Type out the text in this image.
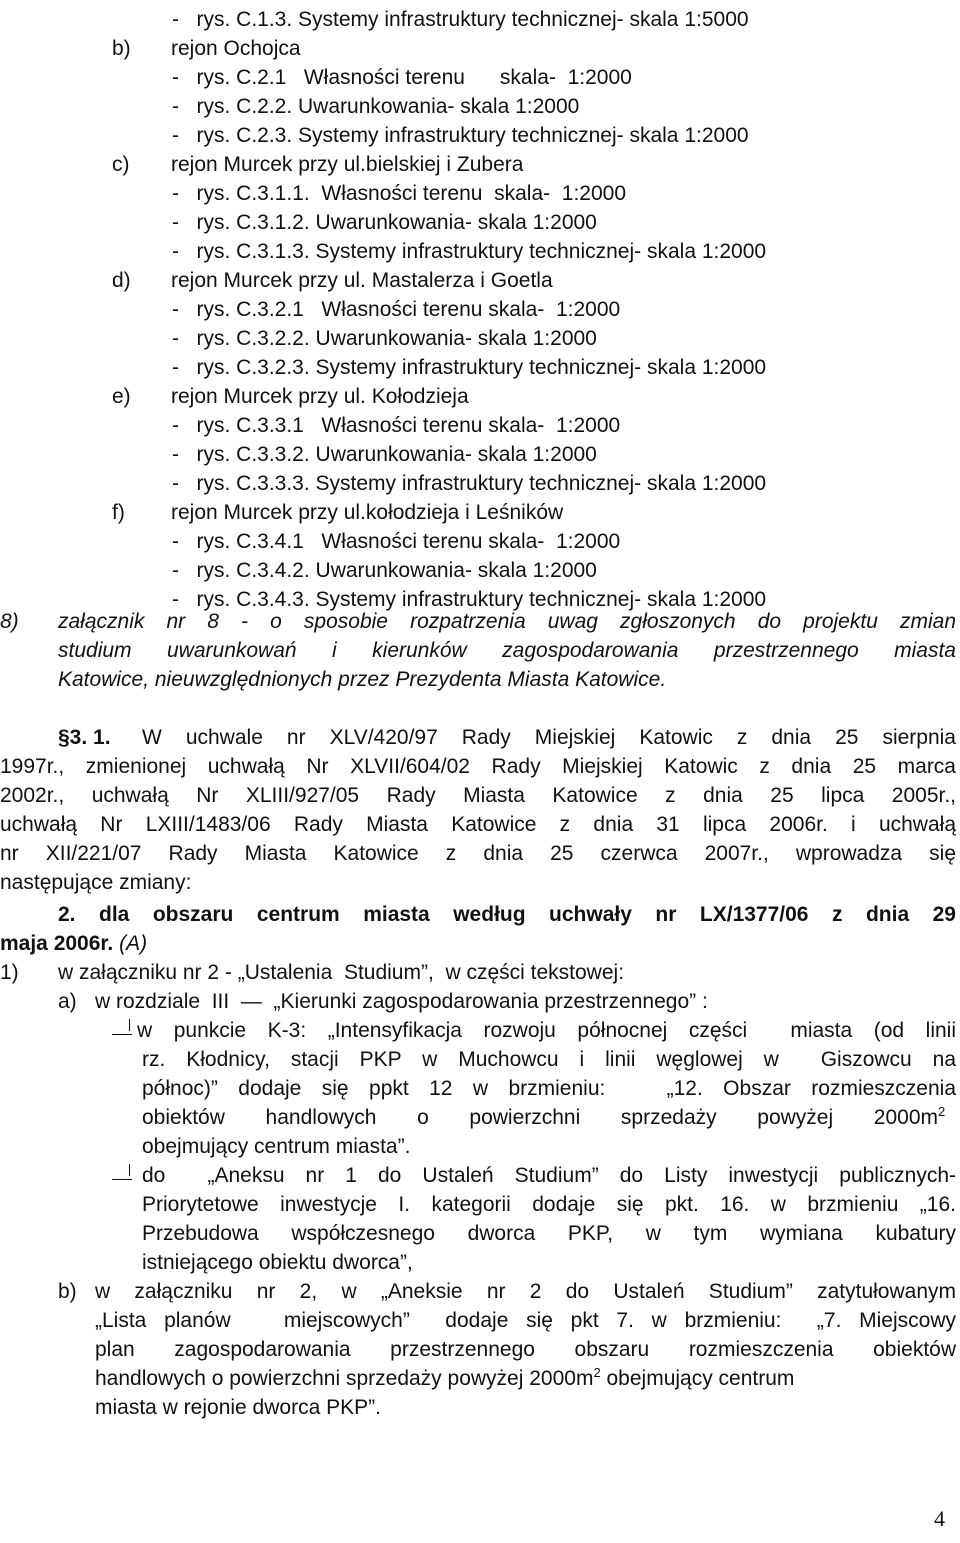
-   rys. C.1.3. Systemy infrastruktury technicznej- skala 1:5000
b) rejon Ochojca
-   rys. C.2.1   Własności terenu      skala-  1:2000
-   rys. C.2.2. Uwarunkowania- skala 1:2000
-   rys. C.2.3. Systemy infrastruktury technicznej- skala 1:2000
c) rejon Murcek przy ul.bielskiej i Zubera
-   rys. C.3.1.1.  Własności terenu  skala-  1:2000
-   rys. C.3.1.2. Uwarunkowania- skala 1:2000
-   rys. C.3.1.3. Systemy infrastruktury technicznej- skala 1:2000
d) rejon Murcek przy ul. Mastalerza i Goetla
-   rys. C.3.2.1   Własności terenu skala-  1:2000
-   rys. C.3.2.2. Uwarunkowania- skala 1:2000
-   rys. C.3.2.3. Systemy infrastruktury technicznej- skala 1:2000
e) rejon Murcek przy ul. Kołodzieja
-   rys. C.3.3.1   Własności terenu skala-  1:2000
-   rys. C.3.3.2. Uwarunkowania- skala 1:2000
-   rys. C.3.3.3. Systemy infrastruktury technicznej- skala 1:2000
f) rejon Murcek przy ul.kołodzieja i Leśników
-   rys. C.3.4.1   Własności terenu skala-  1:2000
-   rys. C.3.4.2. Uwarunkowania- skala 1:2000
-   rys. C.3.4.3. Systemy infrastruktury technicznej- skala 1:2000
8) załącznik nr 8 - o sposobie rozpatrzenia uwag zgłoszonych do projektu zmian
studium uwarunkowań i kierunków zagospodarowania przestrzennego miasta
Katowice, nieuwzględnionych przez Prezydenta Miasta Katowice.
§3. 1. W uchwale nr XLV/420/97 Rady Miejskiej Katowic z dnia 25 sierpnia
1997r., zmienionej uchwałą Nr XLVII/604/02 Rady Miejskiej Katowic z dnia 25 marca
2002r., uchwałą Nr XLIII/927/05 Rady Miasta Katowice z dnia 25 lipca 2005r.,
uchwałą Nr LXIII/1483/06 Rady Miasta Katowice z dnia 31 lipca 2006r. i uchwałą
nr XII/221/07 Rady Miasta Katowice z dnia 25 czerwca 2007r., wprowadza się
następujące zmiany:
2. dla obszaru centrum miasta według uchwały nr LX/1377/06 z dnia 29
maja 2006r. (A)
1) w załączniku nr 2 - „Ustalenia  Studium”,  w części tekstowej:
a) w rozdziale  III  ―  „Kierunki zagospodarowania przestrzennego” :
w punkcie K-3: „Intensyfikacja rozwoju północnej części  miasta (od linii
rz. Kłodnicy, stacji PKP w Muchowcu i linii węglowej w  Giszowcu na
północ)” dodaje się ppkt 12 w brzmieniu:   „12. Obszar rozmieszczenia
obiektów  handlowych  o  powierzchni  sprzedaży  powyżej  $2000m^2$
obejmujący centrum miasta”.
do  „Aneksu nr 1 do Ustaleń Studium” do Listy inwestycji publicznych-
Priorytetowe inwestycje I. kategorii dodaje się pkt. 16. w brzmieniu „16.
Przebudowa  współczesnego  dworca  PKP,  w  tym  wymiana  kubatury
istniejącego obiektu dworca”,
b) w  załączniku  nr  2,  w  „Aneksie  nr  2  do  Ustaleń  Studium”  zatytułowanym
„Lista planów   miejscowych”  dodaje się pkt 7. w brzmieniu:  „7. Miejscowy
plan  zagospodarowania  przestrzennego  obszaru  rozmieszczenia  obiektów
handlowych o powierzchni sprzedaży powyżej $2000m^2$ obejmujący centrum
miasta w rejonie dworca PKP”.
4
